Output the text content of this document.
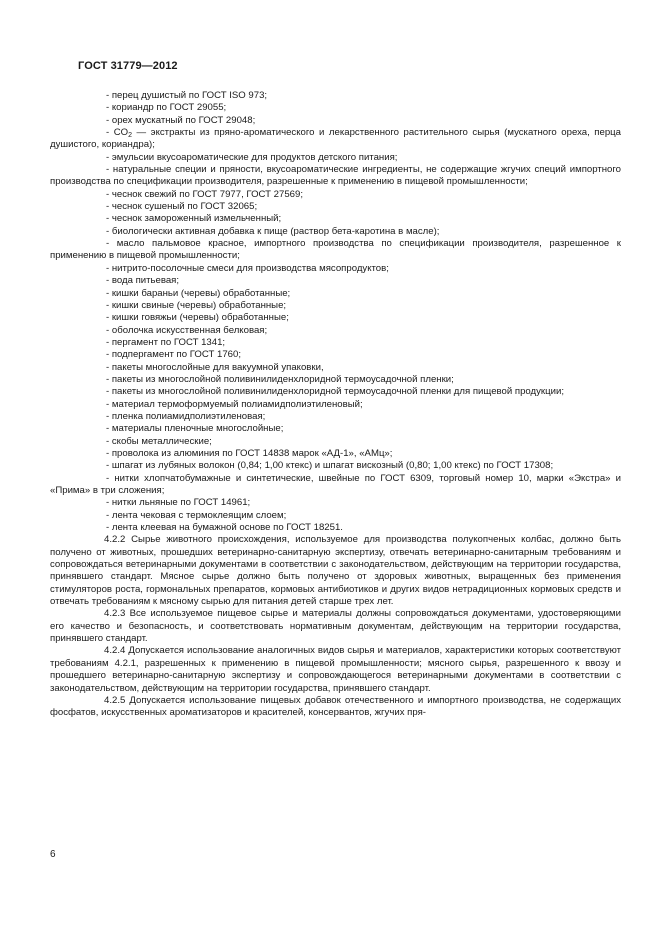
ГОСТ 31779—2012

- перец душистый по ГОСТ ISO 973;

- кориандр по ГОСТ 29055;

- орех мускатный по ГОСТ 29048;

- $CO_2$ — экстракты из пряно-ароматического и лекарственного растительного сырья (мускатного ореха, перца душистого, кориандра);

- эмульсии вкусоароматические для продуктов детского питания;

- натуральные специи и пряности, вкусоароматические ингредиенты, не содержащие жгучих специй импортного производства по спецификации производителя, разрешенные к применению в пищевой промышленности;

- чеснок свежий по ГОСТ 7977, ГОСТ 27569;

- чеснок сушеный по ГОСТ 32065;

- чеснок замороженный измельченный;

- биологически активная добавка к пище (раствор бета-каротина в масле);

- масло пальмовое красное, импортного производства по спецификации производителя, разрешенное к применению в пищевой промышленности;

- нитрито-посолочные смеси для производства мясопродуктов;

- вода питьевая;

- кишки бараньи (черевы) обработанные;

- кишки свиные (черевы) обработанные;

- кишки говяжьи (черевы) обработанные;

- оболочка искусственная белковая;

- пергамент по ГОСТ 1341;

- подпергамент по ГОСТ 1760;

- пакеты многослойные для вакуумной упаковки,

- пакеты из многослойной поливинилиденхлоридной термоусадочной пленки;

- пакеты из многослойной поливинилиденхлоридной термоусадочной пленки для пищевой продукции;

- материал термоформуемый полиамидполиэтиленовый;

- пленка полиамидполиэтиленовая;

- материалы пленочные многослойные;

- скобы металлические;

- проволока из алюминия по ГОСТ 14838 марок «АД-1», «АМц»;

- шпагат из лубяных волокон (0,84; 1,00 ктекс) и шпагат вискозный (0,80; 1,00 ктекс) по ГОСТ 17308;

- нитки хлопчатобумажные и синтетические, швейные по ГОСТ 6309, торговый номер 10, марки «Экстра» и «Прима» в три сложения;

- нитки льняные по ГОСТ 14961;

- лента чековая с термоклеящим слоем;

- лента клеевая на бумажной основе по ГОСТ 18251.

4.2.2 Сырье животного происхождения, используемое для производства полукопченых колбас, должно быть получено от животных, прошедших ветеринарно-санитарную экспертизу, отвечать ветеринарно-санитарным требованиям и сопровождаться ветеринарными документами в соответствии с законодательством, действующим на территории государства, принявшего стандарт. Мясное сырье должно быть получено от здоровых животных, выращенных без применения стимуляторов роста, гормональных препаратов, кормовых антибиотиков и других видов нетрадиционных кормовых средств и отвечать требованиям к мясному сырью для питания детей старше трех лет.

4.2.3 Все используемое пищевое сырье и материалы должны сопровождаться документами, удостоверяющими его качество и безопасность, и соответствовать нормативным документам, действующим на территории государства, принявшего стандарт.

4.2.4 Допускается использование аналогичных видов сырья и материалов, характеристики которых соответствуют требованиям 4.2.1, разрешенных к применению в пищевой промышленности; мясного сырья, разрешенного к ввозу и прошедшего ветеринарно-санитарную экспертизу и сопровождающегося ветеринарными документами в соответствии с законодательством, действующим на территории государства, принявшего стандарт.

4.2.5 Допускается использование пищевых добавок отечественного и импортного производства, не содержащих фосфатов, искусственных ароматизаторов и красителей, консервантов, жгучих пря-

6
